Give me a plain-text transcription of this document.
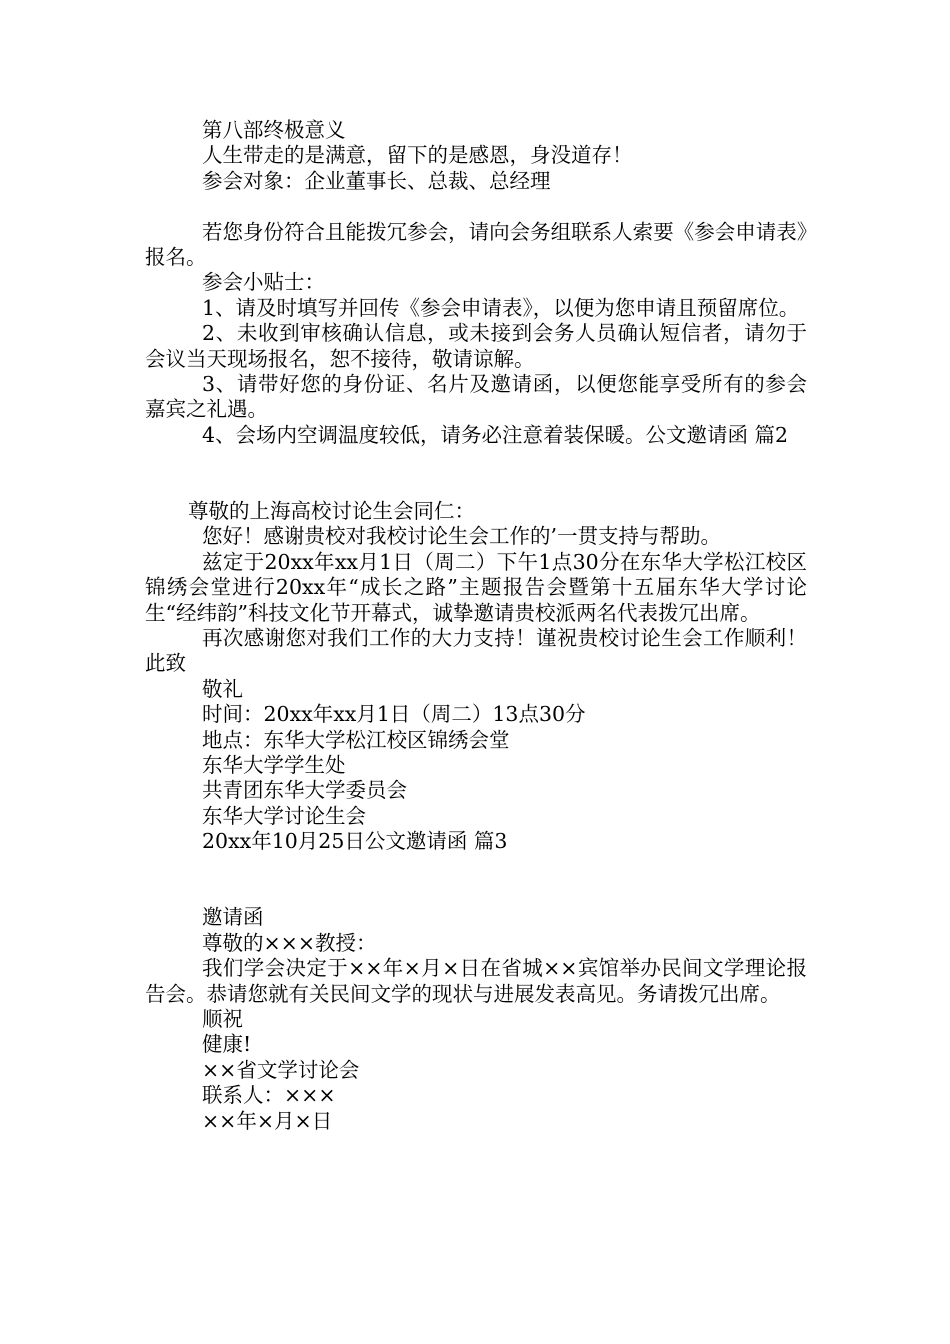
第八部终极意义
人生带走的是满意，留下的是感恩，身没道存！
参会对象：企业董事长、总裁、总经理

若您身份符合且能拨冗参会，请向会务组联系人索要《参会申请表》报名。

参会小贴士：

1、请及时填写并回传《参会申请表》，以便为您申请且预留席位。

2、未收到审核确认信息，或未接到会务人员确认短信者，请勿于会议当天现场报名，恕不接待，敬请谅解。

3、请带好您的身份证、名片及邀请函，以便您能享受所有的参会嘉宾之礼遇。

4、会场内空调温度较低，请务必注意着装保暖。公文邀请函 篇2

尊敬的上海高校讨论生会同仁：
您好！感谢贵校对我校讨论生会工作的’一贯支持与帮助。

兹定于20xx年xx月1日（周二）下午1点30分在东华大学松江校区锦绣会堂进行20xx年“成长之路”主题报告会暨第十五届东华大学讨论生“经纬韵”科技文化节开幕式，诚挚邀请贵校派两名代表拨冗出席。

再次感谢您对我们工作的大力支持！谨祝贵校讨论生会工作顺利！此致

敬礼
时间：20xx年xx月1日（周二）13点30分
地点：东华大学松江校区锦绣会堂
东华大学学生处
共青团东华大学委员会
东华大学讨论生会
20xx年10月25日公文邀请函 篇3
邀请函
尊敬的×××教授：

我们学会决定于××年×月×日在省城××宾馆举办民间文学理论报告会。恭请您就有关民间文学的现状与进展发表高见。务请拨冗出席。

顺祝
健康!
××省文学讨论会
联系人：×××
××年×月×日
